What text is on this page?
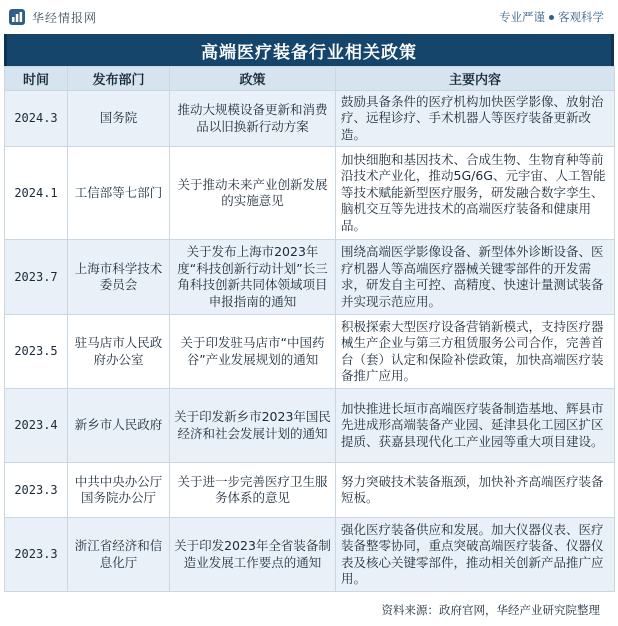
华经情报网	专业严谨 客观科学
高端医疗装备行业相关政策
时间	发布部门	政策	主要内容
2024.3	国务院	推动大规模设备更新和消费品以旧换新行动方案	鼓励具备条件的医疗机构加快医学影像、放射治疗、远程诊疗、手术机器人等医疗装备更新改造。
2024.1	工信部等七部门	关于推动未来产业创新发展的实施意见	加快细胞和基因技术、合成生物、生物育种等前沿技术产业化，推动5G/6G、元宇宙、人工智能等技术赋能新型医疗服务，研发融合数字孪生、脑机交互等先进技术的高端医疗装备和健康用品。
2023.7	上海市科学技术委员会	关于发布上海市2023年度“科技创新行动计划”长三角科技创新共同体领域项目申报指南的通知	围绕高端医学影像设备、新型体外诊断设备、医疗机器人等高端医疗器械关键零部件的开发需求，研发自主可控、高精度、快速计量测试装备并实现示范应用。
2023.5	驻马店市人民政府办公室	关于印发驻马店市“中国药谷”产业发展规划的通知	积极探索大型医疗设备营销新模式，支持医疗器械生产企业与第三方租赁服务公司合作，完善首台（套）认定和保险补偿政策，加快高端医疗装备推广应用。
2023.4	新乡市人民政府	关于印发新乡市2023年国民经济和社会发展计划的通知	加快推进长垣市高端医疗装备制造基地、辉县市先进成形高端装备产业园、延津县化工园区扩区提质、获嘉县现代化工产业园等重大项目建设。
2023.3	中共中央办公厅国务院办公厅	关于进一步完善医疗卫生服务体系的意见	努力突破技术装备瓶颈，加快补齐高端医疗装备短板。
2023.3	浙江省经济和信息化厅	关于印发2023年全省装备制造业发展工作要点的通知	强化医疗装备供应和发展。加大仪器仪表、医疗装备整零协同，重点突破高端医疗装备、仪器仪表及核心关键零部件，推动相关创新产品推广应用。
资料来源：政府官网，华经产业研究院整理
